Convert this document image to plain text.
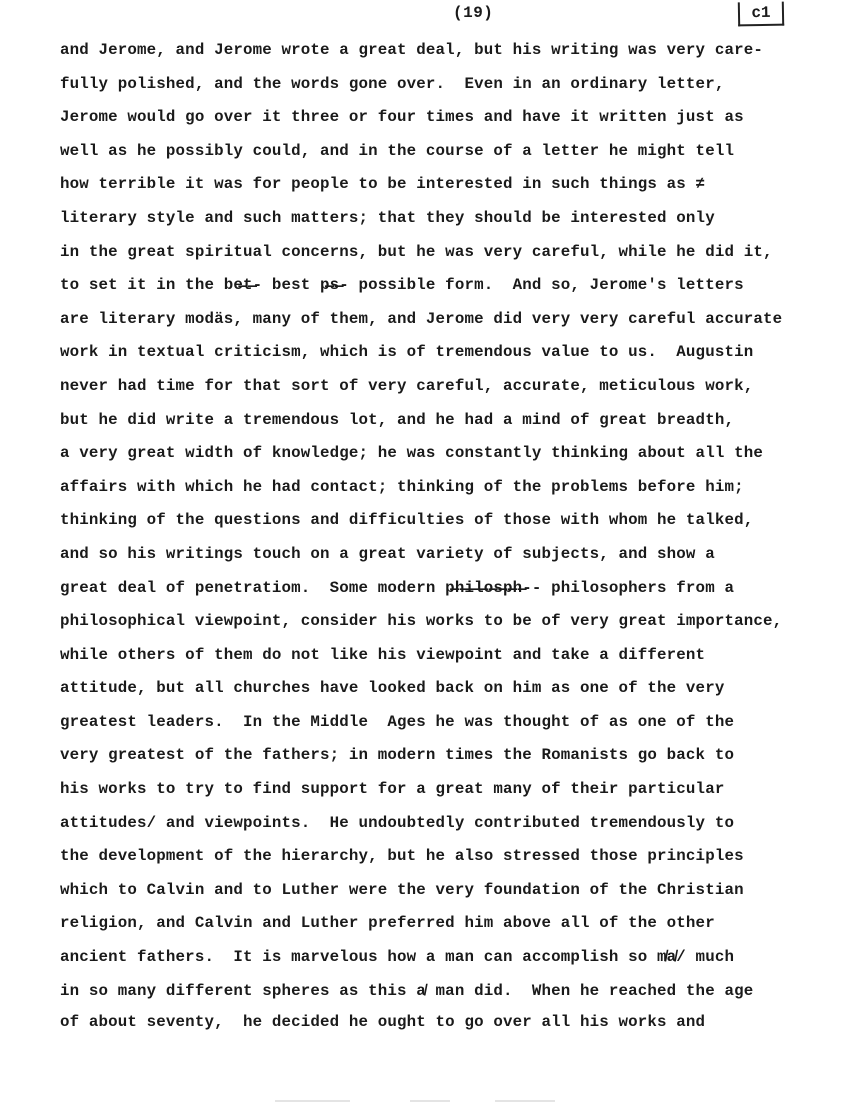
(19)	c1
and Jerome, and Jerome wrote a great deal, but his writing was very care-
fully polished, and the words gone over.  Even in an ordinary letter,
Jerome would go over it three or four times and have it written just as
well as he possibly could, and in the course of a letter he might tell
how terrible it was for people to be interested in such things as ≠
literary style and such matters; that they should be interested only
in the great spiritual concerns, but he was very careful, while he did it,
to set it in the be̶t̶- best p̶s̶- possible form.  And so, Jerome's letters
are literary modäs, many of them, and Jerome did very very careful accurate
work in textual criticism, which is of tremendous value to us.  Augustin
never had time for that sort of very careful, accurate, meticulous work,
but he did write a tremendous lot, and he had a mind of great breadth,
a very great width of knowledge; he was constantly thinking about all the
affairs with which he had contact; thinking of the problems before him;
thinking of the questions and difficulties of those with whom he talked,
and so his writings touch on a great variety of subjects, and show a
great deal of penetratiom.  Some modern p̶h̶i̶l̶o̶s̶p̶h̶-- philosophers from a
philosophical viewpoint, consider his works to be of very great importance,
while others of them do not like his viewpoint and take a different
attitude, but all churches have looked back on him as one of the very
greatest leaders.  In the Middle  Ages he was thought of as one of the
very greatest of the fathers; in modern times the Romanists go back to
his works to try to find support for a great many of their particular
attitudes/ and viewpoints.  He undoubtedly contributed tremendously to
the development of the hierarchy, but he also stressed those principles
which to Calvin and to Luther were the very foundation of the Christian
religion, and Calvin and Luther preferred him above all of the other
ancient fathers.  It is marvelous how a man can accomplish so m̸a̸/ much
in so many different spheres as this a̸ man did.  When he reached the age
of about seventy,  he decided he ought to go over all his works and
